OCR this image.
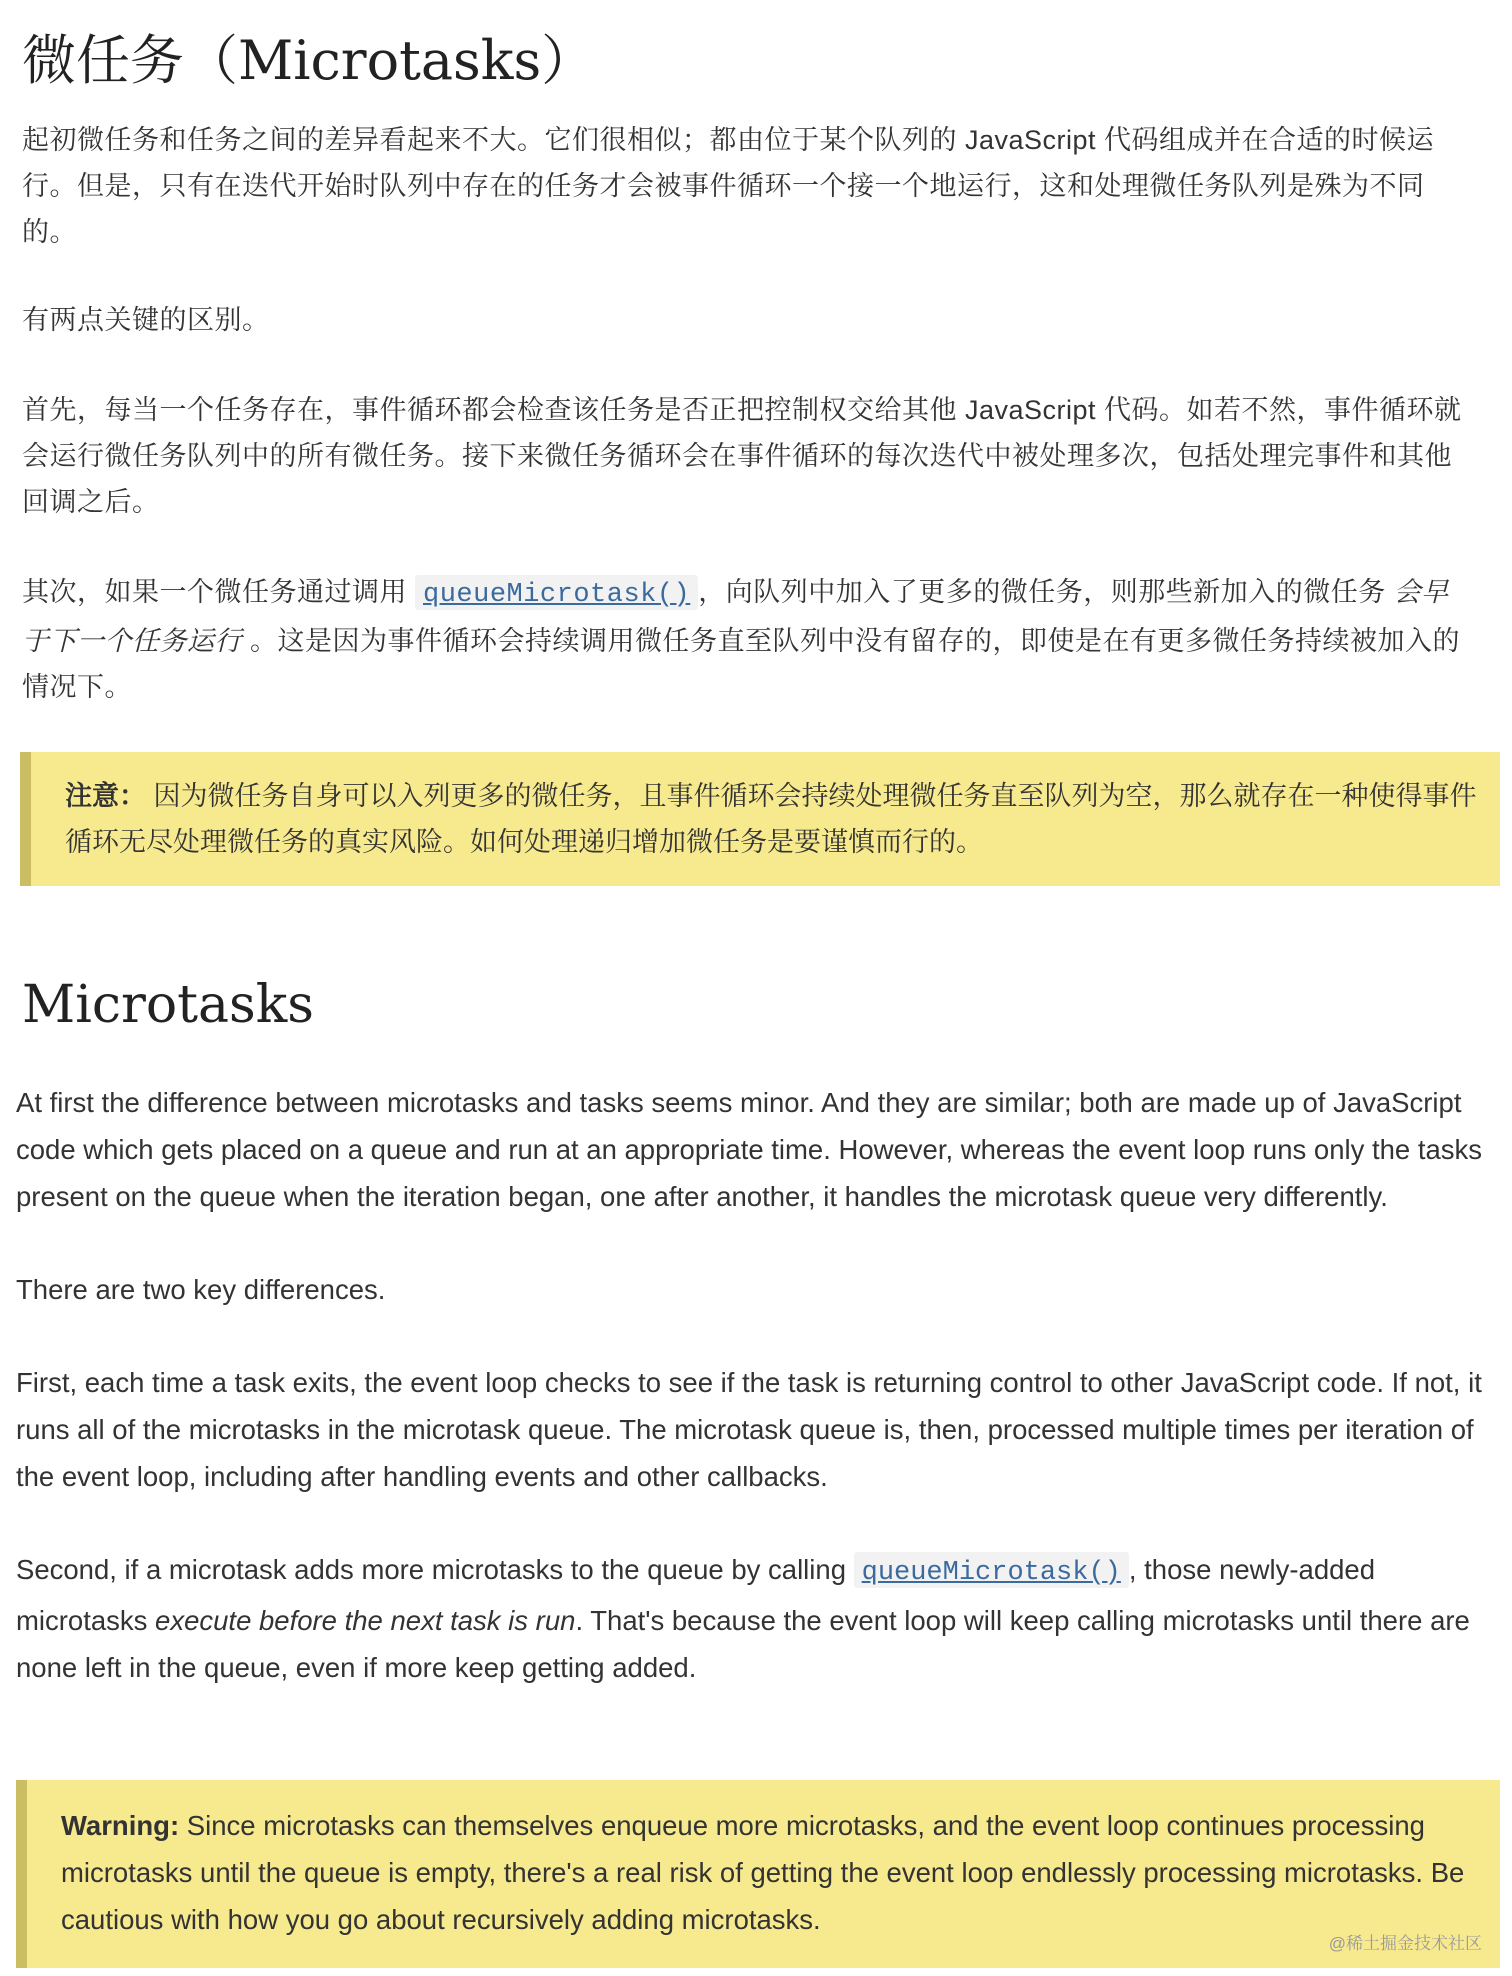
微任务（Microtasks）

起初微任务和任务之间的差异看起来不大。它们很相似；都由位于某个队列的 JavaScript 代码组成并在合适的时候运行。但是，只有在迭代开始时队列中存在的任务才会被事件循环一个接一个地运行，这和处理微任务队列是殊为不同的。

有两点关键的区别。

首先，每当一个任务存在，事件循环都会检查该任务是否正把控制权交给其他 JavaScript 代码。如若不然，事件循环就会运行微任务队列中的所有微任务。接下来微任务循环会在事件循环的每次迭代中被处理多次，包括处理完事件和其他回调之后。

其次，如果一个微任务通过调用 queueMicrotask() ，向队列中加入了更多的微任务，则那些新加入的微任务 会早于下一个任务运行 。这是因为事件循环会持续调用微任务直至队列中没有留存的，即使是在有更多微任务持续被加入的情况下。

注意： 因为微任务自身可以入列更多的微任务，且事件循环会持续处理微任务直至队列为空，那么就存在一种使得事件循环无尽处理微任务的真实风险。如何处理递归增加微任务是要谨慎而行的。

Microtasks

At first the difference between microtasks and tasks seems minor. And they are similar; both are made up of JavaScript code which gets placed on a queue and run at an appropriate time. However, whereas the event loop runs only the tasks present on the queue when the iteration began, one after another, it handles the microtask queue very differently.

There are two key differences.

First, each time a task exits, the event loop checks to see if the task is returning control to other JavaScript code. If not, it runs all of the microtasks in the microtask queue. The microtask queue is, then, processed multiple times per iteration of the event loop, including after handling events and other callbacks.

Second, if a microtask adds more microtasks to the queue by calling queueMicrotask() , those newly-added microtasks execute before the next task is run. That's because the event loop will keep calling microtasks until there are none left in the queue, even if more keep getting added.

Warning: Since microtasks can themselves enqueue more microtasks, and the event loop continues processing microtasks until the queue is empty, there's a real risk of getting the event loop endlessly processing microtasks. Be cautious with how you go about recursively adding microtasks.

@稀土掘金技术社区
